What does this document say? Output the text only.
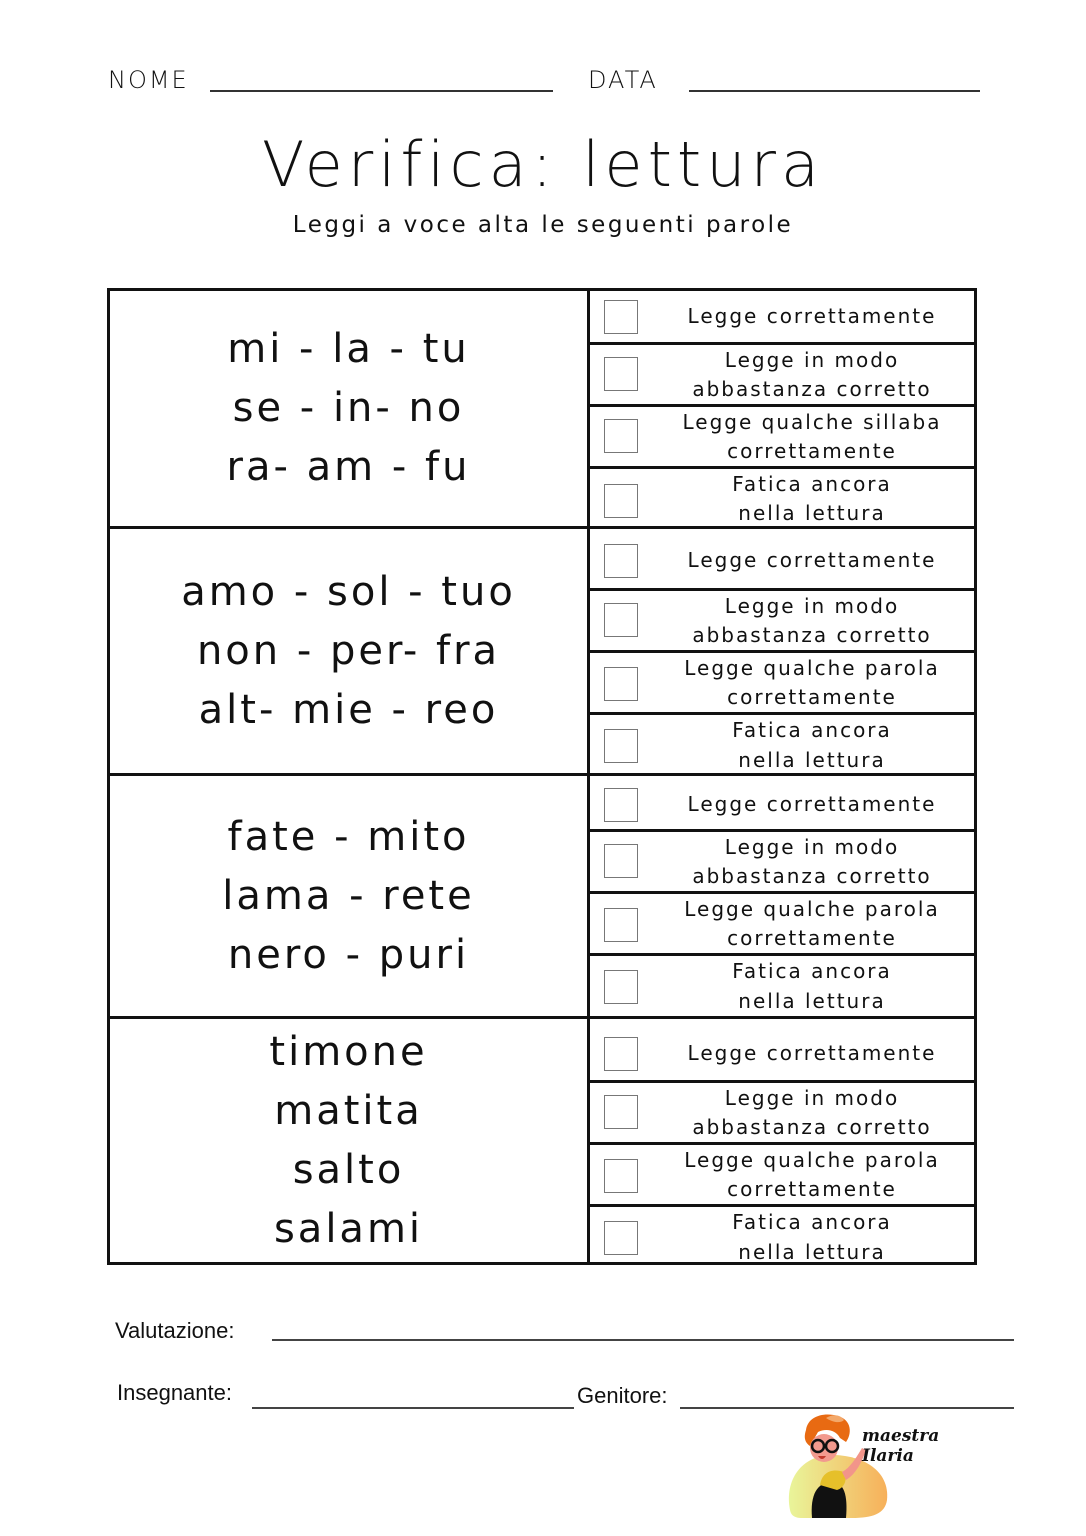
NOME	DATA
Verifica: lettura
Leggi a voce alta le seguenti parole
mi - la - tu
se - in- no
ra- am - fu
Legge correttamente
Legge in modo
abbastanza corretto
Legge qualche sillaba
correttamente
Fatica ancora
nella lettura
amo - sol - tuo
non - per- fra
alt- mie - reo
Legge correttamente
Legge in modo
abbastanza corretto
Legge qualche parola
correttamente
Fatica ancora
nella lettura
fate - mito
lama - rete
nero - puri
Legge correttamente
Legge in modo
abbastanza corretto
Legge qualche parola
correttamente
Fatica ancora
nella lettura
timone
matita
salto
salami
Legge correttamente
Legge in modo
abbastanza corretto
Legge qualche parola
correttamente
Fatica ancora
nella lettura
Valutazione:
Insegnante:	Genitore:
maestra Ilaria
